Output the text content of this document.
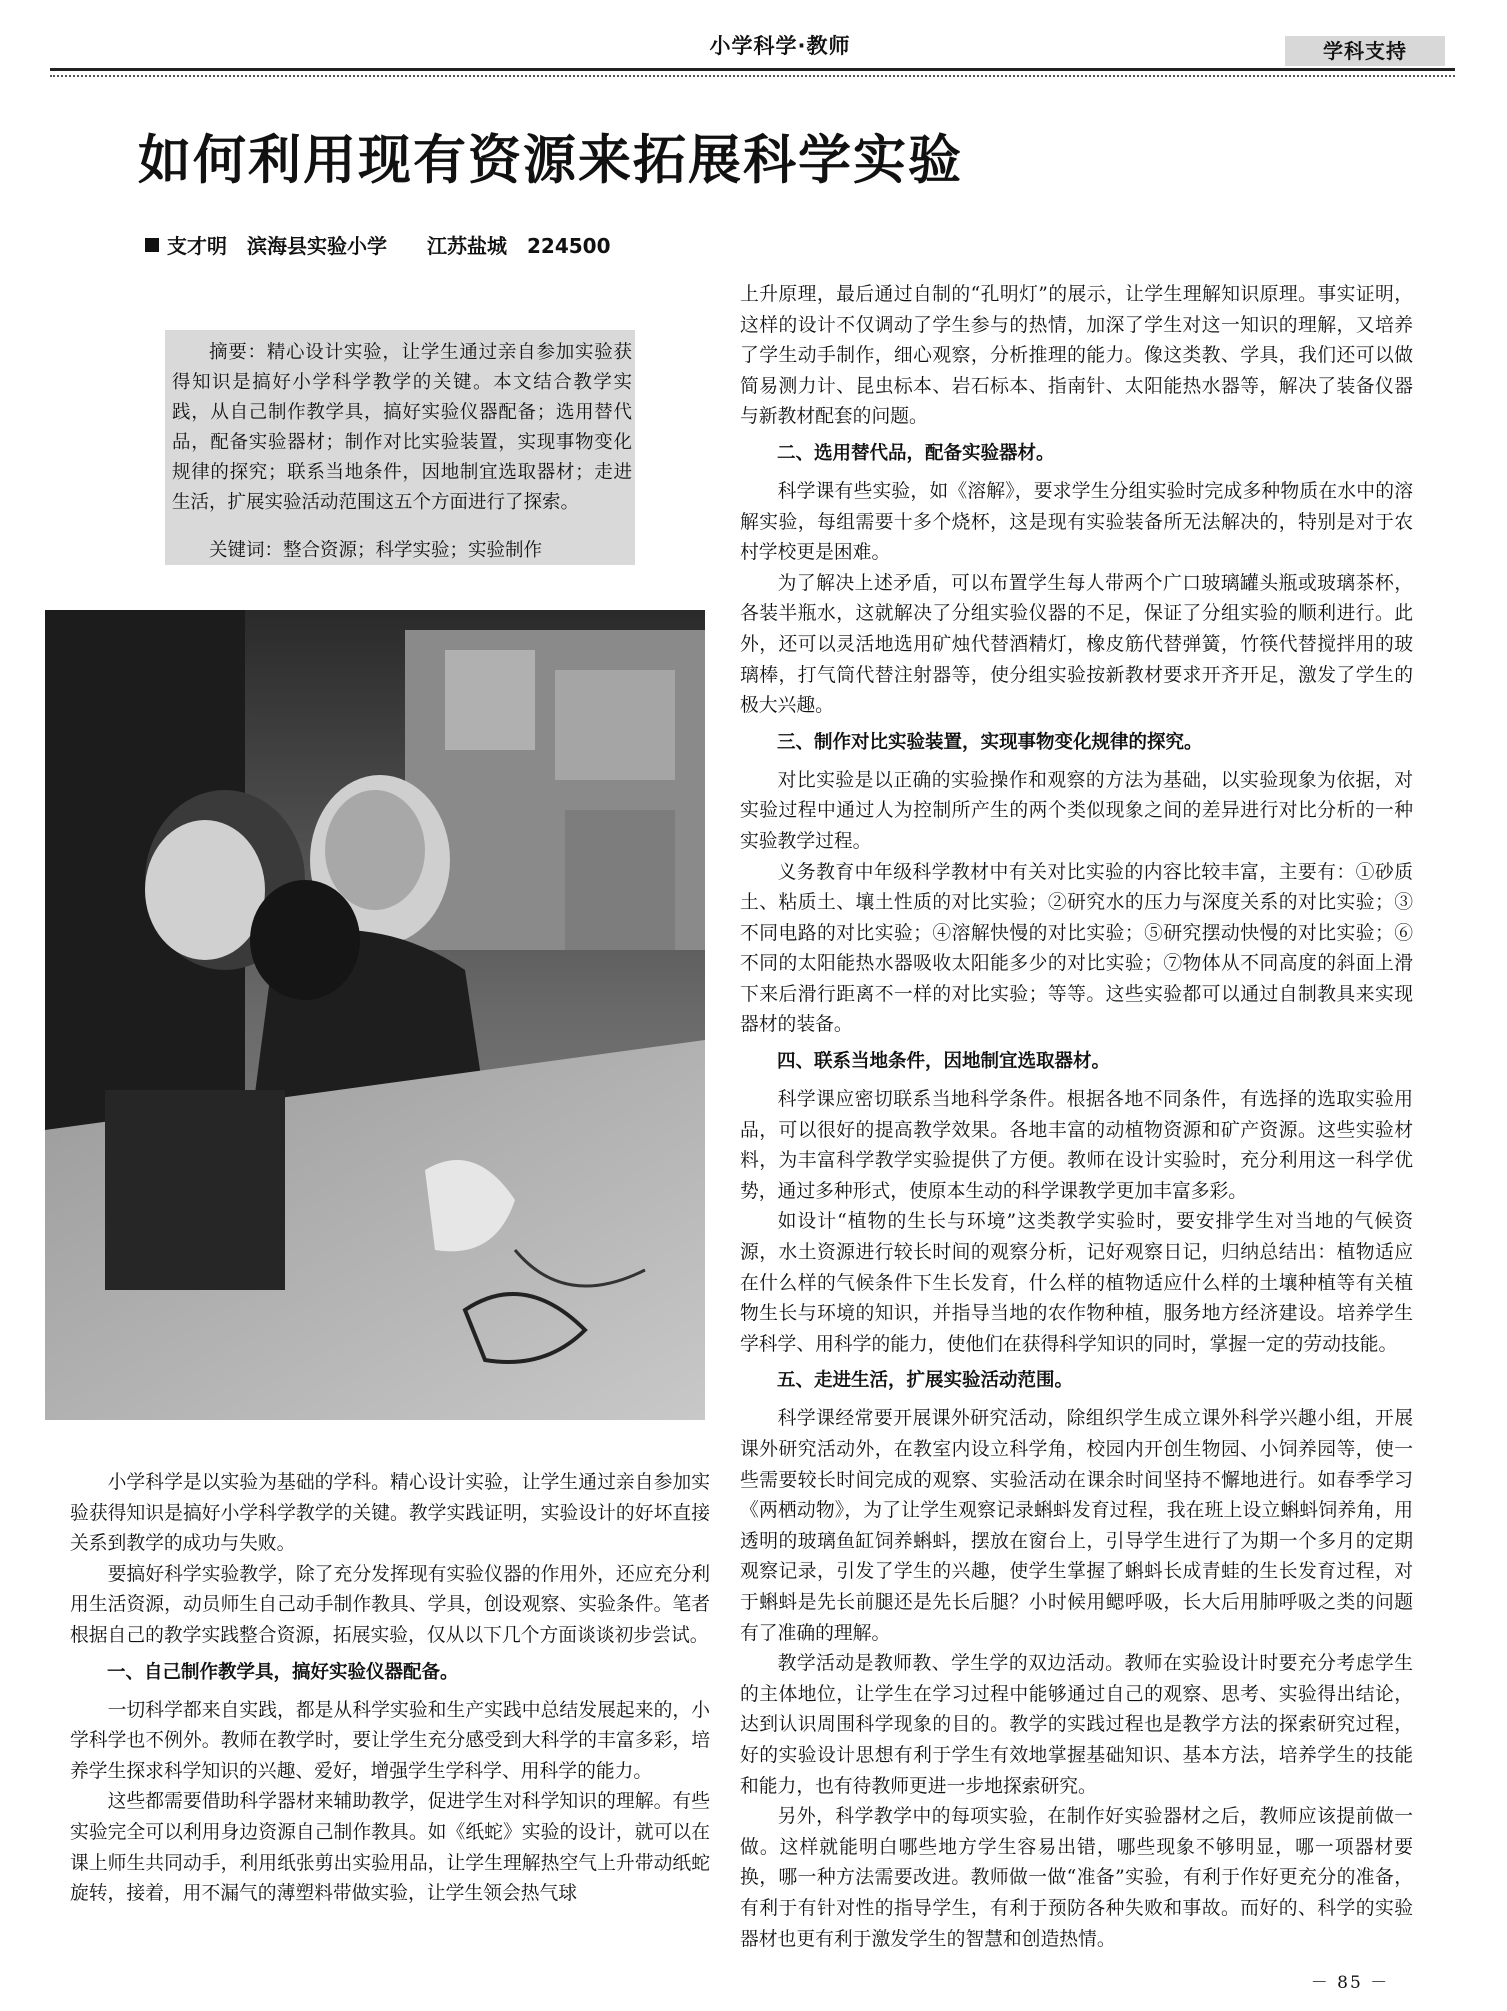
小学科学·教师	学科支持
如何利用现有资源来拓展科学实验
支才明　滨海县实验小学　　江苏盐城　224500
摘要：精心设计实验，让学生通过亲自参加实验获得知识是搞好小学科学教学的关键。本文结合教学实践，从自己制作教学具，搞好实验仪器配备；选用替代品，配备实验器材；制作对比实验装置，实现事物变化规律的探究；联系当地条件，因地制宜选取器材；走进生活，扩展实验活动范围这五个方面进行了探索。
关键词：整合资源；科学实验；实验制作

小学科学是以实验为基础的学科。精心设计实验，让学生通过亲自参加实验获得知识是搞好小学科学教学的关键。教学实践证明，实验设计的好坏直接关系到教学的成功与失败。

要搞好科学实验教学，除了充分发挥现有实验仪器的作用外，还应充分利用生活资源，动员师生自己动手制作教具、学具，创设观察、实验条件。笔者根据自己的教学实践整合资源，拓展实验，仅从以下几个方面谈谈初步尝试。

一、自己制作教学具，搞好实验仪器配备。

一切科学都来自实践，都是从科学实验和生产实践中总结发展起来的，小学科学也不例外。教师在教学时，要让学生充分感受到大科学的丰富多彩，培养学生探求科学知识的兴趣、爱好，增强学生学科学、用科学的能力。

这些都需要借助科学器材来辅助教学，促进学生对科学知识的理解。有些实验完全可以利用身边资源自己制作教具。如《纸蛇》实验的设计，就可以在课上师生共同动手，利用纸张剪出实验用品，让学生理解热空气上升带动纸蛇旋转，接着，用不漏气的薄塑料带做实验，让学生领会热气球

上升原理，最后通过自制的“孔明灯”的展示，让学生理解知识原理。事实证明，这样的设计不仅调动了学生参与的热情，加深了学生对这一知识的理解，又培养了学生动手制作，细心观察，分析推理的能力。像这类教、学具，我们还可以做简易测力计、昆虫标本、岩石标本、指南针、太阳能热水器等，解决了装备仪器与新教材配套的问题。

二、选用替代品，配备实验器材。

科学课有些实验，如《溶解》，要求学生分组实验时完成多种物质在水中的溶解实验，每组需要十多个烧杯，这是现有实验装备所无法解决的，特别是对于农村学校更是困难。

为了解决上述矛盾，可以布置学生每人带两个广口玻璃罐头瓶或玻璃茶杯，各装半瓶水，这就解决了分组实验仪器的不足，保证了分组实验的顺利进行。此外，还可以灵活地选用矿烛代替酒精灯，橡皮筋代替弹簧，竹筷代替搅拌用的玻璃棒，打气筒代替注射器等，使分组实验按新教材要求开齐开足，激发了学生的极大兴趣。

三、制作对比实验装置，实现事物变化规律的探究。

对比实验是以正确的实验操作和观察的方法为基础，以实验现象为依据，对实验过程中通过人为控制所产生的两个类似现象之间的差异进行对比分析的一种实验教学过程。

义务教育中年级科学教材中有关对比实验的内容比较丰富，主要有：①砂质土、粘质土、壤土性质的对比实验；②研究水的压力与深度关系的对比实验；③不同电路的对比实验；④溶解快慢的对比实验；⑤研究摆动快慢的对比实验；⑥不同的太阳能热水器吸收太阳能多少的对比实验；⑦物体从不同高度的斜面上滑下来后滑行距离不一样的对比实验；等等。这些实验都可以通过自制教具来实现器材的装备。

四、联系当地条件，因地制宜选取器材。

科学课应密切联系当地科学条件。根据各地不同条件，有选择的选取实验用品，可以很好的提高教学效果。各地丰富的动植物资源和矿产资源。这些实验材料，为丰富科学教学实验提供了方便。教师在设计实验时，充分利用这一科学优势，通过多种形式，使原本生动的科学课教学更加丰富多彩。

如设计“植物的生长与环境”这类教学实验时，要安排学生对当地的气候资源，水土资源进行较长时间的观察分析，记好观察日记，归纳总结出：植物适应在什么样的气候条件下生长发育，什么样的植物适应什么样的土壤种植等有关植物生长与环境的知识，并指导当地的农作物种植，服务地方经济建设。培养学生学科学、用科学的能力，使他们在获得科学知识的同时，掌握一定的劳动技能。

五、走进生活，扩展实验活动范围。

科学课经常要开展课外研究活动，除组织学生成立课外科学兴趣小组，开展课外研究活动外，在教室内设立科学角，校园内开创生物园、小饲养园等，使一些需要较长时间完成的观察、实验活动在课余时间坚持不懈地进行。如春季学习《两栖动物》，为了让学生观察记录蝌蚪发育过程，我在班上设立蝌蚪饲养角，用透明的玻璃鱼缸饲养蝌蚪，摆放在窗台上，引导学生进行了为期一个多月的定期观察记录，引发了学生的兴趣，使学生掌握了蝌蚪长成青蛙的生长发育过程，对于蝌蚪是先长前腿还是先长后腿？小时候用鳃呼吸，长大后用肺呼吸之类的问题有了准确的理解。

教学活动是教师教、学生学的双边活动。教师在实验设计时要充分考虑学生的主体地位，让学生在学习过程中能够通过自己的观察、思考、实验得出结论，达到认识周围科学现象的目的。教学的实践过程也是教学方法的探索研究过程，好的实验设计思想有利于学生有效地掌握基础知识、基本方法，培养学生的技能和能力，也有待教师更进一步地探索研究。

另外，科学教学中的每项实验，在制作好实验器材之后，教师应该提前做一做。这样就能明白哪些地方学生容易出错，哪些现象不够明显，哪一项器材要换，哪一种方法需要改进。教师做一做“准备”实验，有利于作好更充分的准备，有利于有针对性的指导学生，有利于预防各种失败和事故。而好的、科学的实验器材也更有利于激发学生的智慧和创造热情。

－ 85 －
